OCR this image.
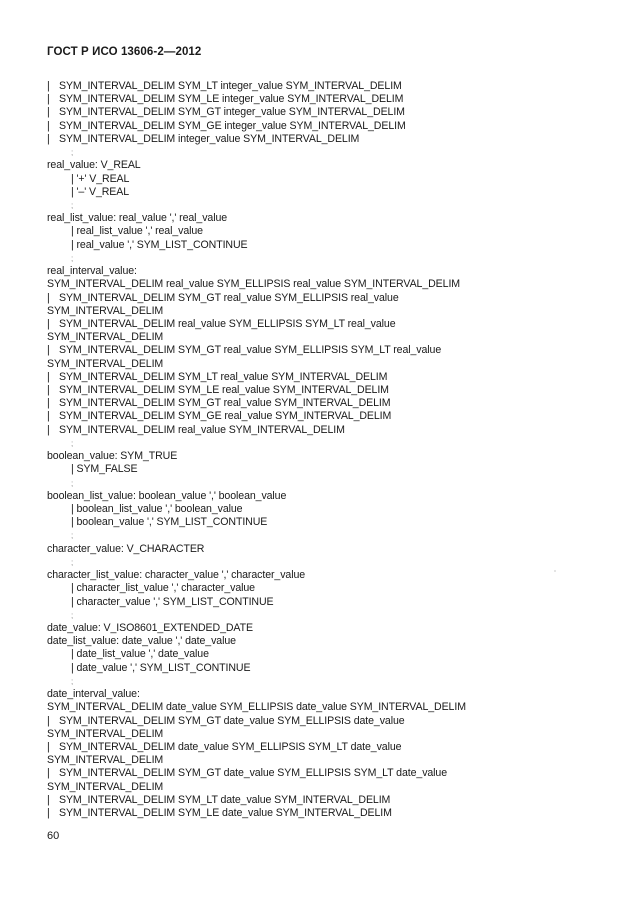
ГОСТ Р ИСО 13606-2—2012
| SYM_INTERVAL_DELIM SYM_LT integer_value SYM_INTERVAL_DELIM
| SYM_INTERVAL_DELIM SYM_LE integer_value SYM_INTERVAL_DELIM
| SYM_INTERVAL_DELIM SYM_GT integer_value SYM_INTERVAL_DELIM
| SYM_INTERVAL_DELIM SYM_GE integer_value SYM_INTERVAL_DELIM
| SYM_INTERVAL_DELIM integer_value SYM_INTERVAL_DELIM
;
real_value: V_REAL
| '+' V_REAL
| '–' V_REAL
;
real_list_value: real_value ',' real_value
| real_list_value ',' real_value
| real_value ',' SYM_LIST_CONTINUE
;
real_interval_value:
SYM_INTERVAL_DELIM real_value SYM_ELLIPSIS real_value SYM_INTERVAL_DELIM
| SYM_INTERVAL_DELIM SYM_GT real_value SYM_ELLIPSIS real_value
SYM_INTERVAL_DELIM
| SYM_INTERVAL_DELIM real_value SYM_ELLIPSIS SYM_LT real_value
SYM_INTERVAL_DELIM
| SYM_INTERVAL_DELIM SYM_GT real_value SYM_ELLIPSIS SYM_LT real_value
SYM_INTERVAL_DELIM
| SYM_INTERVAL_DELIM SYM_LT real_value SYM_INTERVAL_DELIM
| SYM_INTERVAL_DELIM SYM_LE real_value SYM_INTERVAL_DELIM
| SYM_INTERVAL_DELIM SYM_GT real_value SYM_INTERVAL_DELIM
| SYM_INTERVAL_DELIM SYM_GE real_value SYM_INTERVAL_DELIM
| SYM_INTERVAL_DELIM real_value SYM_INTERVAL_DELIM
;
boolean_value: SYM_TRUE
| SYM_FALSE
;
boolean_list_value: boolean_value ',' boolean_value
| boolean_list_value ',' boolean_value
| boolean_value ',' SYM_LIST_CONTINUE
;
character_value: V_CHARACTER
;
character_list_value: character_value ',' character_value
| character_list_value ',' character_value
| character_value ',' SYM_LIST_CONTINUE
;
date_value: V_ISO8601_EXTENDED_DATE
date_list_value: date_value ',' date_value
| date_list_value ',' date_value
| date_value ',' SYM_LIST_CONTINUE
;
date_interval_value:
SYM_INTERVAL_DELIM date_value SYM_ELLIPSIS date_value SYM_INTERVAL_DELIM
| SYM_INTERVAL_DELIM SYM_GT date_value SYM_ELLIPSIS date_value
SYM_INTERVAL_DELIM
| SYM_INTERVAL_DELIM date_value SYM_ELLIPSIS SYM_LT date_value
SYM_INTERVAL_DELIM
| SYM_INTERVAL_DELIM SYM_GT date_value SYM_ELLIPSIS SYM_LT date_value
SYM_INTERVAL_DELIM
| SYM_INTERVAL_DELIM SYM_LT date_value SYM_INTERVAL_DELIM
| SYM_INTERVAL_DELIM SYM_LE date_value SYM_INTERVAL_DELIM
60
